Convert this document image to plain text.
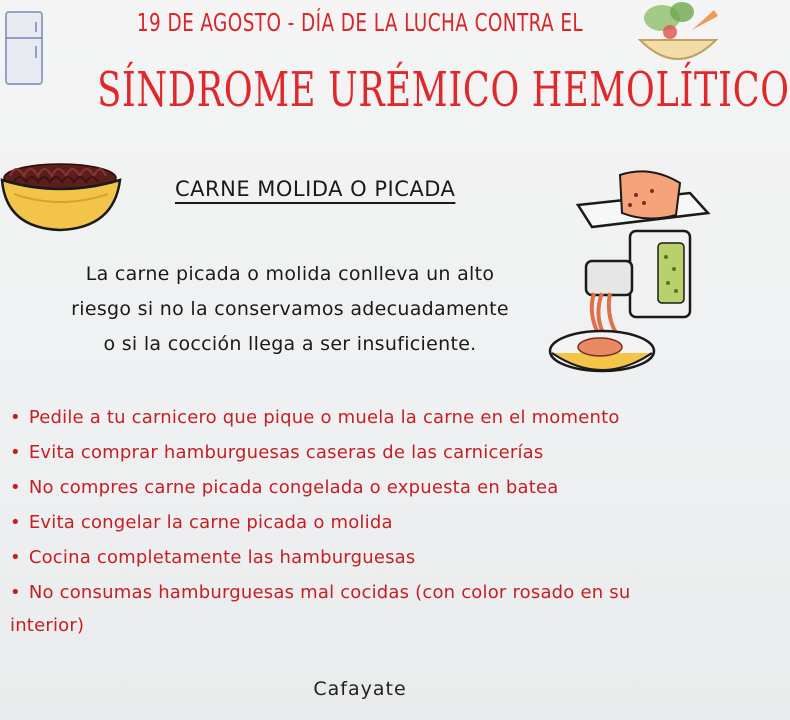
19 DE AGOSTO - DÍA DE LA LUCHA CONTRA EL
SÍNDROME URÉMICO HEMOLÍTICO
CARNE MOLIDA O PICADA
La carne picada o molida conlleva un alto
riesgo si no la conservamos adecuadamente
o si la cocción llega a ser insuficiente.
• Pedile a tu carnicero que pique o muela la carne en el momento
• Evita comprar hamburguesas caseras de las carnicerías
• No compres carne picada congelada o expuesta en batea
• Evita congelar la carne picada o molida
• Cocina completamente las hamburguesas
• No consumas hamburguesas mal cocidas (con color rosado en su
interior)
Cafayate
